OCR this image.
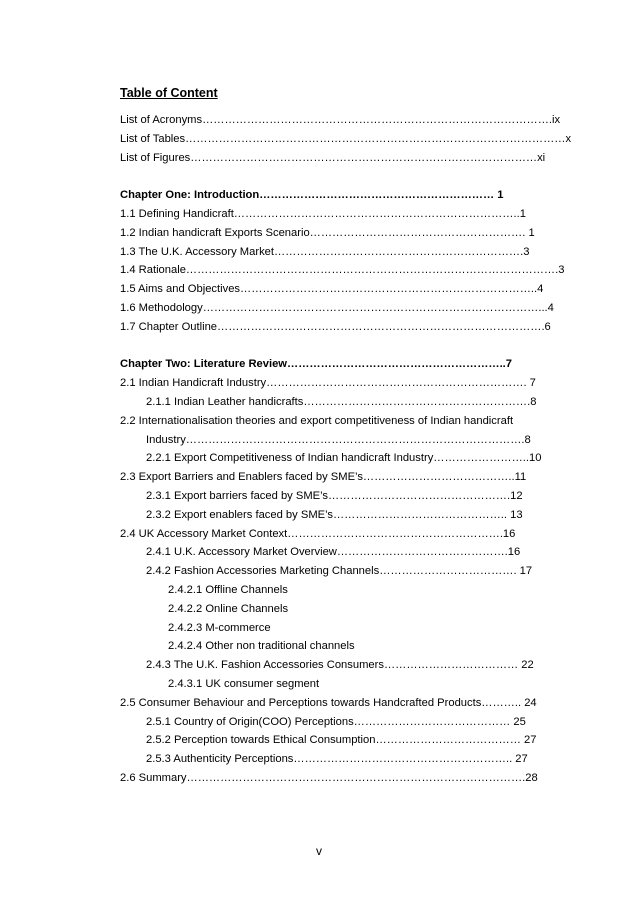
Table of Content
List of Acronyms………………………………………………………………………………….ix
List of Tables…………………………………………………………………………………………x
List of Figures…………………………………………………………………………………xi
Chapter One: Introduction……………………………………………………… 1
1.1 Defining Handicraft…………………………………………………………………..1
1.2 Indian handicraft Exports Scenario…………………………………………………. 1
1.3 The U.K. Accessory Market………………………………………………………….3
1.4 Rationale……………………………………………………………………………………….3
1.5 Aims and Objectives……………………………………………………………………..4
1.6 Methodology………………………………………………………………………………...4
1.7 Chapter Outline…………………………………………………………………………….6
Chapter Two: Literature Review…………………………………………………..7
2.1 Indian Handicraft Industry……………………………………………………………. 7
2.1.1 Indian Leather handicrafts…………………………………………………….8
2.2 Internationalisation theories and export competitiveness of Indian handicraft
Industry……………………………………………………………………………….8
2.2.1 Export Competitiveness of Indian handicraft Industry……………………..10
2.3 Export Barriers and Enablers faced by SME’s…………………………………..11
2.3.1 Export barriers faced by SME’s………………………………………….12
2.3.2 Export enablers faced by SME’s……………………………………….. 13
2.4 UK Accessory Market Context………………………………………………….16
2.4.1 U.K. Accessory Market Overview……………………………………….16
2.4.2 Fashion Accessories Marketing Channels………………………………. 17
2.4.2.1 Offline Channels
2.4.2.2 Online Channels
2.4.2.3 M-commerce
2.4.2.4 Other non traditional channels
2.4.3 The U.K. Fashion Accessories Consumers……………………………… 22
2.4.3.1 UK consumer segment
2.5 Consumer Behaviour and Perceptions towards Handcrafted Products……….. 24
2.5.1 Country of Origin(COO) Perceptions…………………………………… 25
2.5.2 Perception towards Ethical Consumption………………………………… 27
2.5.3 Authenticity Perceptions………………………………………………….. 27
2.6 Summary……………………………………………………………………………….28
v
